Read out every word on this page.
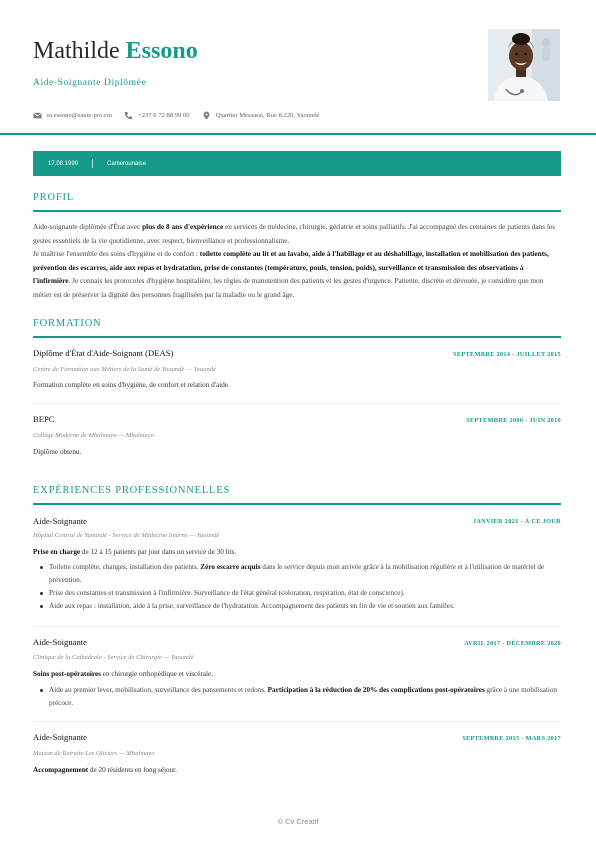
Mathilde Essono
Aide-Soignante Diplômée
m.essono@sante-pro.cm	+237 6 72 88 99 00	Quartier Messassi, Rue 8.220, Yaoundé
17.08.1990	Camerounaise
PROFIL
Aide-soignante diplômée d'État avec plus de 8 ans d'expérience en services de médecine, chirurgie, gériatrie et soins palliatifs. J'ai accompagné des centaines de patients dans les gestes essentiels de la vie quotidienne, avec respect, bienveillance et professionnalisme.
Je maîtrise l'ensemble des soins d'hygiène et de confort : toilette complète au lit et au lavabo, aide à l'habillage et au déshabillage, installation et mobilisation des patients, prévention des escarres, aide aux repas et hydratation, prise de constantes (température, pouls, tension, poids), surveillance et transmission des observations à l'infirmière. Je connais les protocoles d'hygiène hospitalière, les règles de manutention des patients et les gestes d'urgence. Patiente, discrète et dévouée, je considère que mon métier est de préserver la dignité des personnes fragilisées par la maladie ou le grand âge.
FORMATION
Diplôme d'État d'Aide-Soignant (DEAS)	SEPTEMBRE 2014 - JUILLET 2015
Centre de Formation aux Métiers de la Santé de Yaoundé — Yaoundé
Formation complète en soins d'hygiène, de confort et relation d'aide.
BEPC	SEPTEMBRE 2006 - JUIN 2010
Collège Moderne de Mbalmayo — Mbalmayo
Diplôme obtenu.
EXPÉRIENCES PROFESSIONNELLES
Aide-Soignante	JANVIER 2021 - À CE JOUR
Hôpital Central de Yaoundé - Service de Médecine Interne — Yaoundé
Prise en charge de 12 à 15 patients par jour dans un service de 30 lits.
Toilette complète, changes, installation des patients. Zéro escarre acquis dans le service depuis mon arrivée grâce à la mobilisation régulière et à l'utilisation de matériel de prévention.
Prise des constantes et transmission à l'infirmière. Surveillance de l'état général (coloration, respiration, état de conscience).
Aide aux repas : installation, aide à la prise, surveillance de l'hydratation. Accompagnement des patients en fin de vie et soutien aux familles.
Aide-Soignante	AVRIL 2017 - DÉCEMBRE 2020
Clinique de la Cathédrale - Service de Chirurgie — Yaoundé
Soins post-opératoires en chirurgie orthopédique et viscérale.
Aide au premier lever, mobilisation, surveillance des pansements et redons. Participation à la réduction de 20% des complications post-opératoires grâce à une mobilisation précoce.
Aide-Soignante	SEPTEMBRE 2015 - MARS 2017
Maison de Retraite Les Oliviers — Mbalmayo
Accompagnement de 20 résidents en long séjour.
© Cv Creatif
